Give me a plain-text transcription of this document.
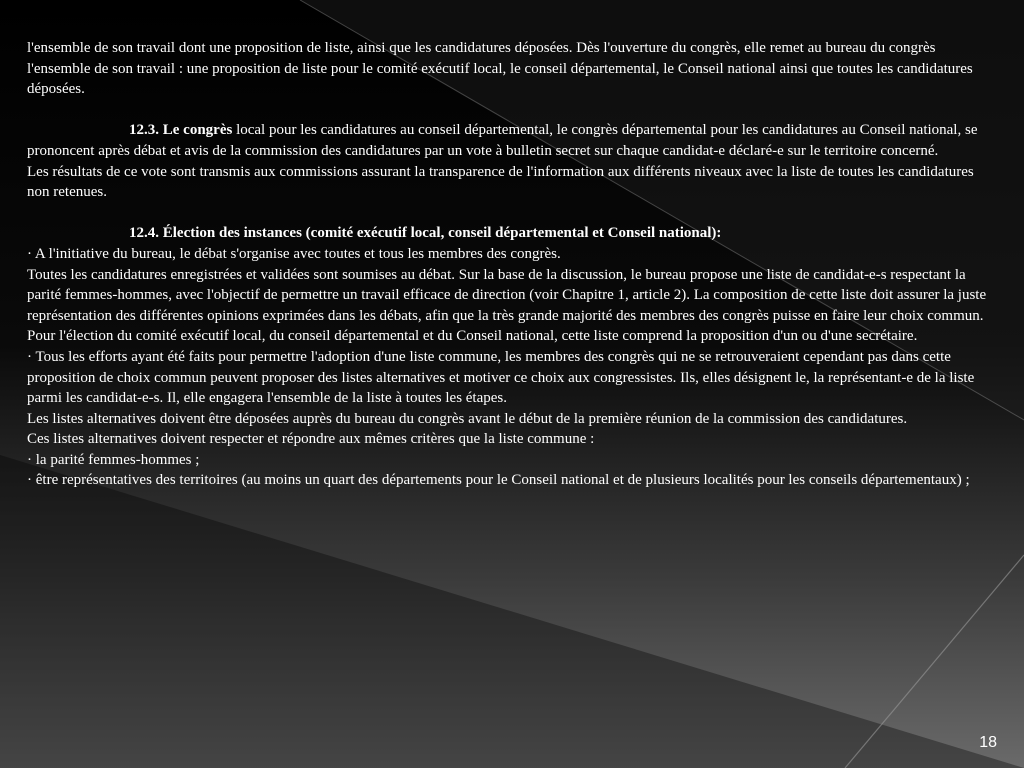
l'ensemble de son travail dont une proposition de liste, ainsi que les candidatures déposées. Dès l'ouverture du congrès, elle remet au bureau du congrès l'ensemble de son travail : une proposition de liste pour le comité exécutif local, le conseil départemental, le Conseil national ainsi que toutes les candidatures déposées.

12.3. Le congrès local pour les candidatures au conseil départemental, le congrès départemental pour les candidatures au Conseil national, se prononcent après débat et avis de la commission des candidatures par un vote à bulletin secret sur chaque candidat-e déclaré-e sur le territoire concerné.

Les résultats de ce vote sont transmis aux commissions assurant la transparence de l'information aux différents niveaux avec la liste de toutes les candidatures non retenues.

12.4. Élection des instances (comité exécutif local, conseil départemental et Conseil national):

· A l'initiative du bureau, le débat s'organise avec toutes et tous les membres des congrès.

Toutes les candidatures enregistrées et validées sont soumises au débat. Sur la base de la discussion, le bureau propose une liste de candidat-e-s respectant la parité femmes-hommes, avec l'objectif de permettre un travail efficace de direction (voir Chapitre 1, article 2). La composition de cette liste doit assurer la juste représentation des différentes opinions exprimées dans les débats, afin que la très grande majorité des membres des congrès puisse en faire leur choix commun. Pour l'élection du comité exécutif local, du conseil départemental et du Conseil national, cette liste comprend la proposition d'un ou d'une secrétaire.

· Tous les efforts ayant été faits pour permettre l'adoption d'une liste commune, les membres des congrès qui ne se retrouveraient cependant pas dans cette proposition de choix commun peuvent proposer des listes alternatives et motiver ce choix aux congressistes. Ils, elles désignent le, la représentant-e de la liste parmi les candidat-e-s. Il, elle engagera l'ensemble de la liste à toutes les étapes.

Les listes alternatives doivent être déposées auprès du bureau du congrès avant le début de la première réunion de la commission des candidatures.

Ces listes alternatives doivent respecter et répondre aux mêmes critères que la liste commune :

· la parité femmes-hommes ;

· être représentatives des territoires (au moins un quart des départements pour le Conseil national et de plusieurs localités pour les conseils départementaux) ;

18
